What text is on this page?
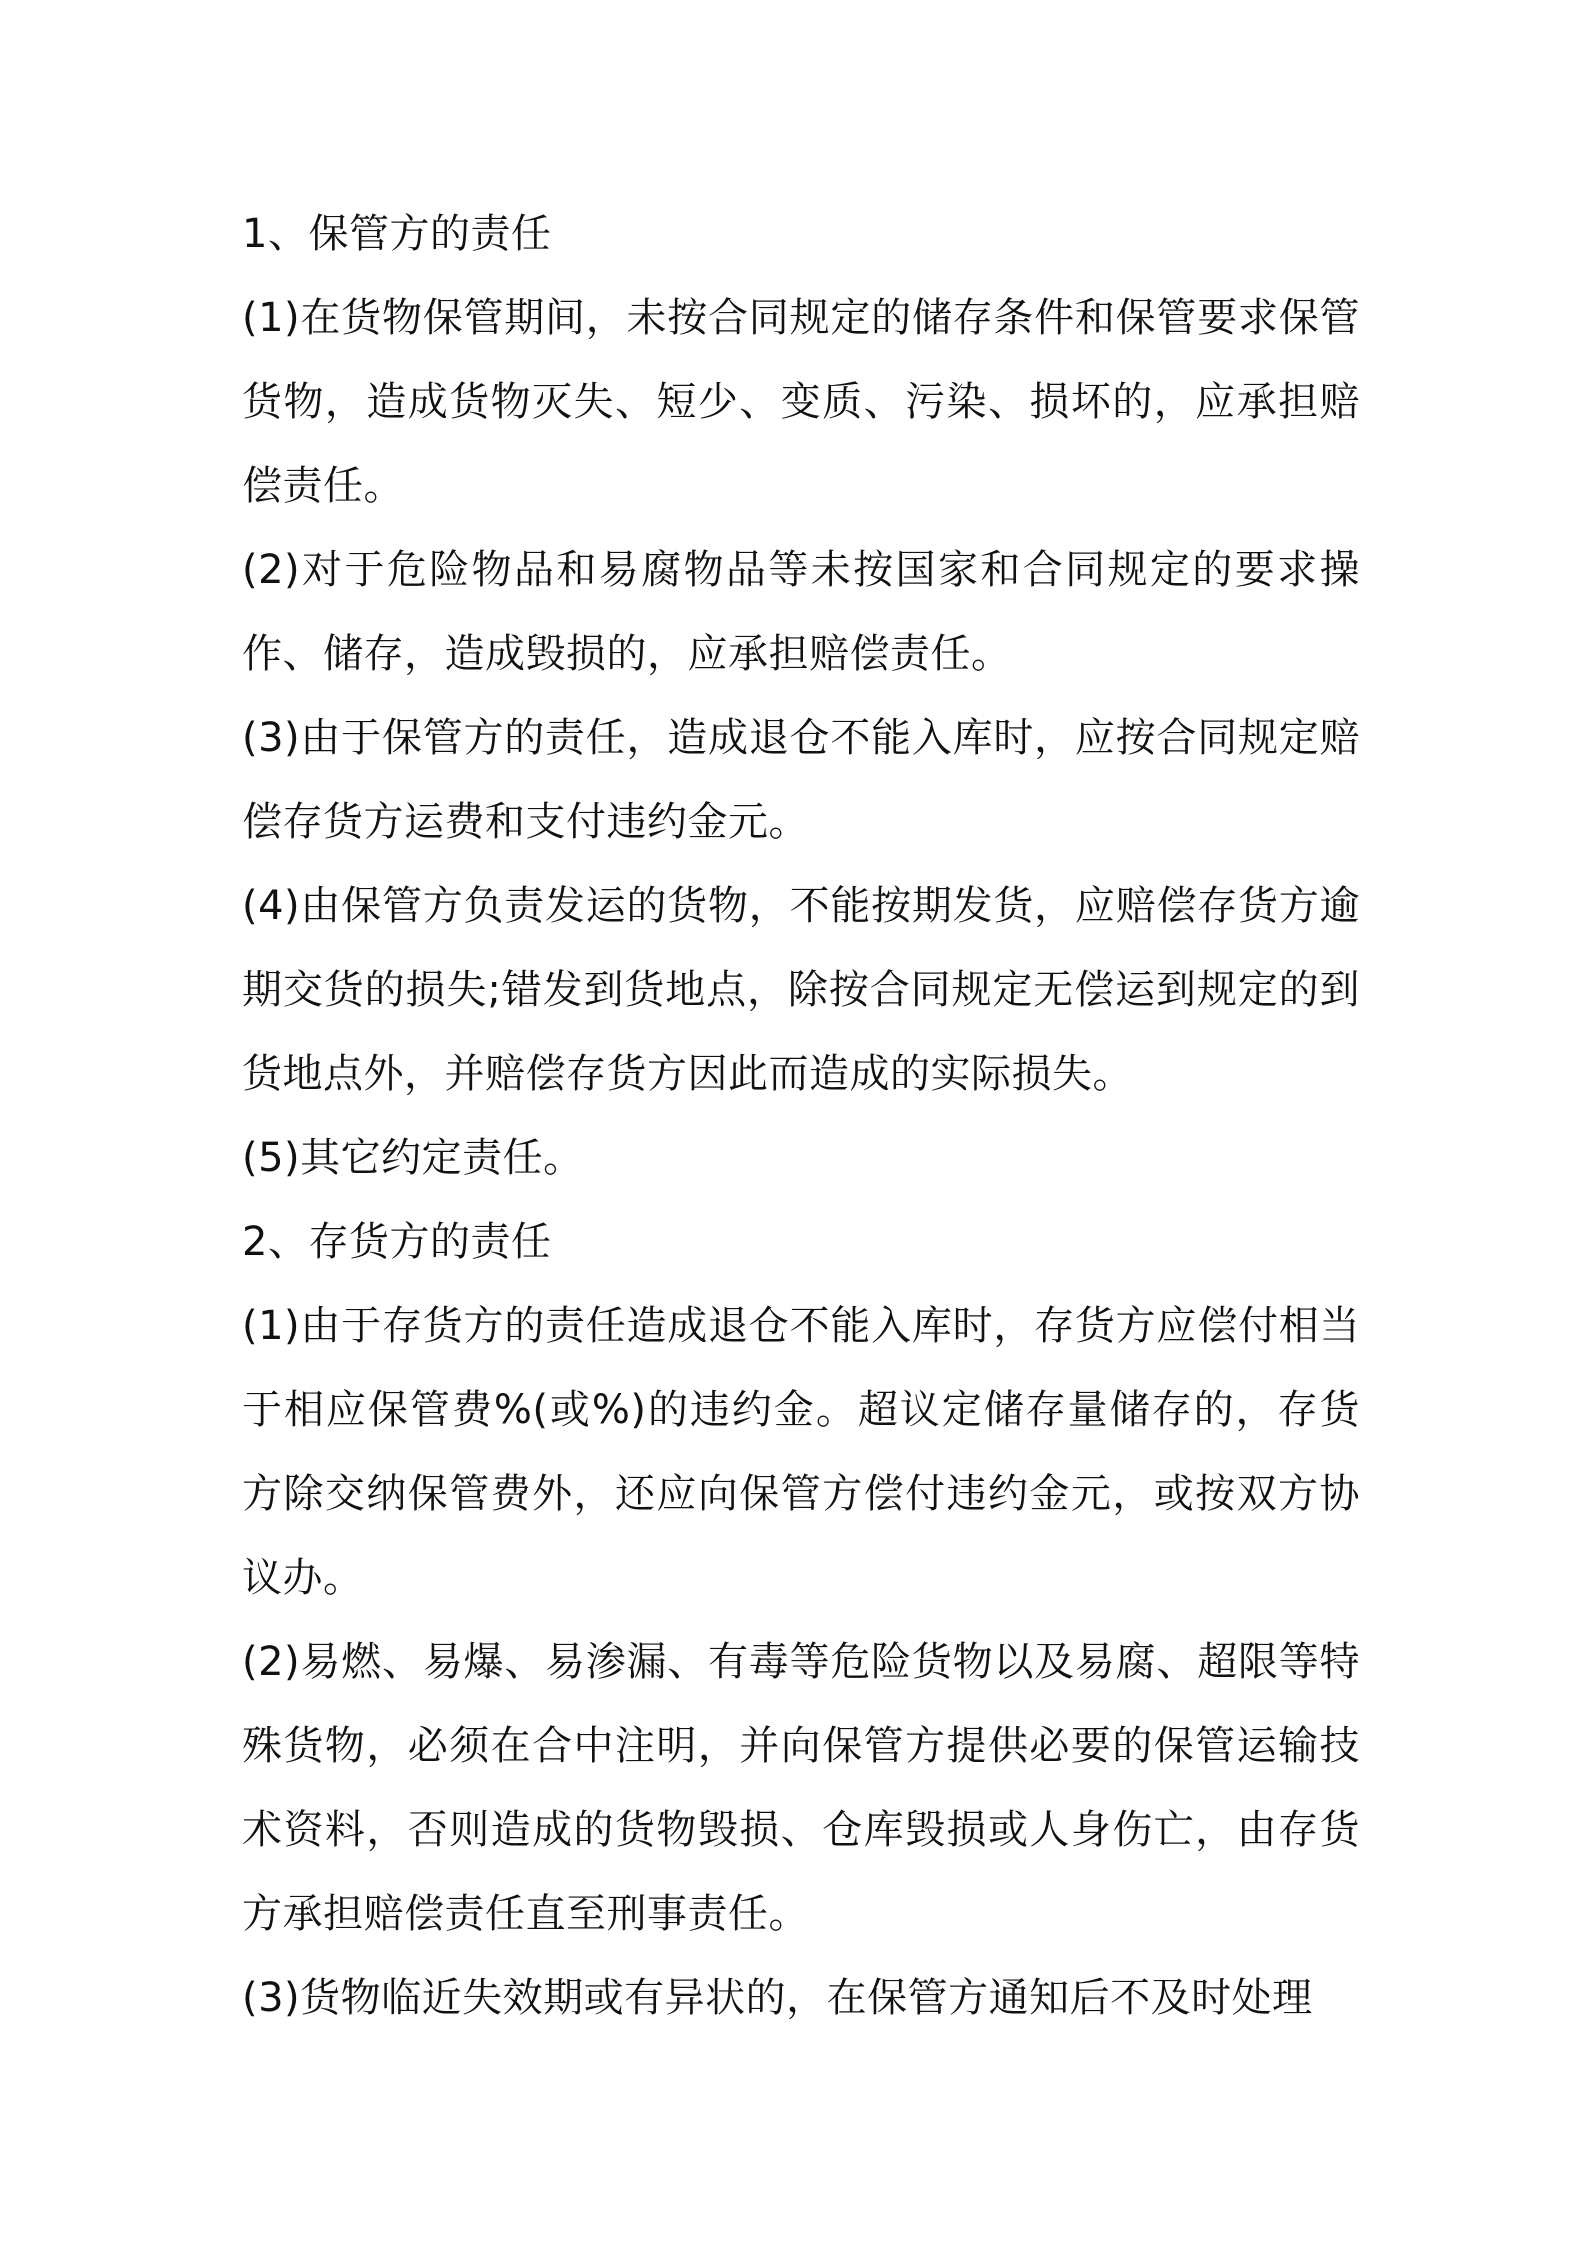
1、保管方的责任
(1)在货物保管期间，未按合同规定的储存条件和保管要求保管货物，造成货物灭失、短少、变质、污染、损坏的，应承担赔偿责任。
(2)对于危险物品和易腐物品等未按国家和合同规定的要求操作、储存，造成毁损的，应承担赔偿责任。
(3)由于保管方的责任，造成退仓不能入库时，应按合同规定赔偿存货方运费和支付违约金元。
(4)由保管方负责发运的货物，不能按期发货，应赔偿存货方逾期交货的损失;错发到货地点，除按合同规定无偿运到规定的到货地点外，并赔偿存货方因此而造成的实际损失。
(5)其它约定责任。
2、存货方的责任
(1)由于存货方的责任造成退仓不能入库时，存货方应偿付相当于相应保管费%(或%)的违约金。超议定储存量储存的，存货方除交纳保管费外，还应向保管方偿付违约金元，或按双方协议办。
(2)易燃、易爆、易渗漏、有毒等危险货物以及易腐、超限等特殊货物，必须在合中注明，并向保管方提供必要的保管运输技术资料，否则造成的货物毁损、仓库毁损或人身伤亡，由存货方承担赔偿责任直至刑事责任。
(3)货物临近失效期或有异状的，在保管方通知后不及时处理
